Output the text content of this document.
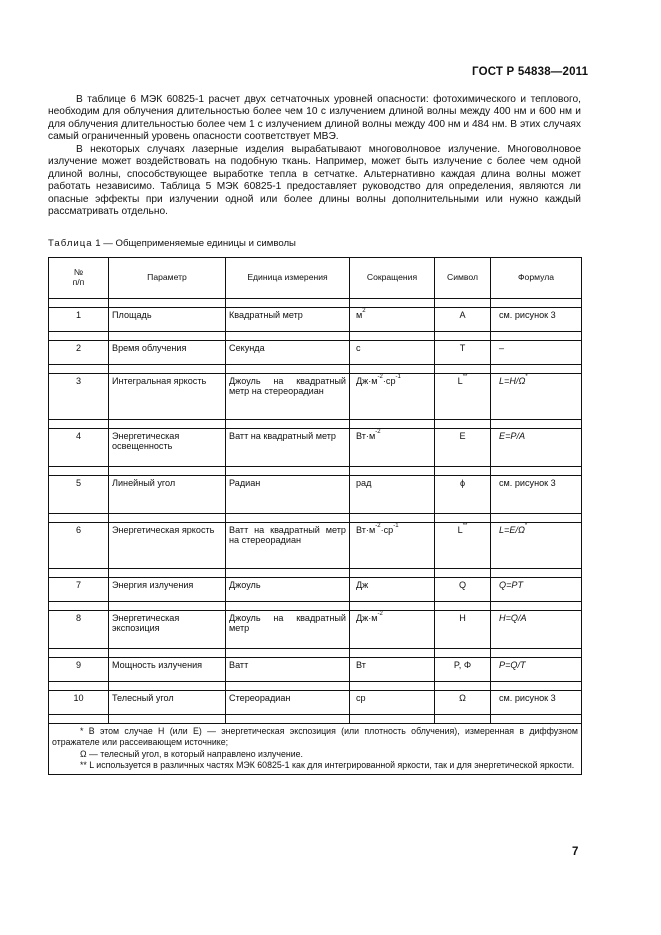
ГОСТ Р 54838—2011

В таблице 6 МЭК 60825-1 расчет двух сетчаточных уровней опасности: фотохимического и теплового, необходим для облучения длительностью более чем 10 с излучением длиной волны между 400 нм и 600 нм и для облучения длительностью более чем 1 с излучением длиной волны между 400 нм и 484 нм. В этих случаях самый ограниченный уровень опасности соответствует МВЭ.

В некоторых случаях лазерные изделия вырабатывают многоволновое излучение. Многоволновое излучение может воздействовать на подобную ткань. Например, может быть излучение с более чем одной длиной волны, способствующее выработке тепла в сетчатке. Альтернативно каждая длина волны может работать независимо. Таблица 5 МЭК 60825-1 предоставляет руководство для определения, являются ли опасные эффекты при излучении одной или более длины волны дополнительными или нужно каждый рассматривать отдельно.

Таблица 1 — Общеприменяемые единицы и символы
№
п/п	Параметр	Единица измерения	Сокращения	Символ	Формула

1	Площадь	Квадратный метр	$м^2$	A	см. рисунок 3

2	Время облучения	Секунда	с	T	–

3	Интегральная яркость	Джоуль на квадратный метр на стереорадиан	$Дж\cdot м^{-2}\cdot ср^{-1}$	L**	L=H/Ω*

4	Энергетическая освещенность	Ватт на квадратный метр	$Вт\cdot м^{-2}$	E	E=P/A

5	Линейный угол	Радиан	рад	ϕ	см. рисунок 3

6	Энергетическая яркость	Ватт на квадратный метр на стереорадиан	$Вт\cdot м^{-2}\cdot ср^{-1}$	L**	L=E/Ω*

7	Энергия излучения	Джоуль	Дж	Q	Q=PT

8	Энергетическая экспозиция	Джоуль на квадратный метр	$Дж\cdot м^{-2}$	H	H=Q/A

9	Мощность излучения	Ватт	Вт	P, Φ	P=Q/T

10	Телесный угол	Стереорадиан	ср	Ω	см. рисунок 3

* В этом случае H (или E) — энергетическая экспозиция (или плотность облучения), измеренная в диффузном отражателе или рассеивающем источнике;

Ω — телесный угол, в который направлено излучение.

** L используется в различных частях МЭК 60825-1 как для интегрированной яркости, так и для энергетической яркости.					

7
